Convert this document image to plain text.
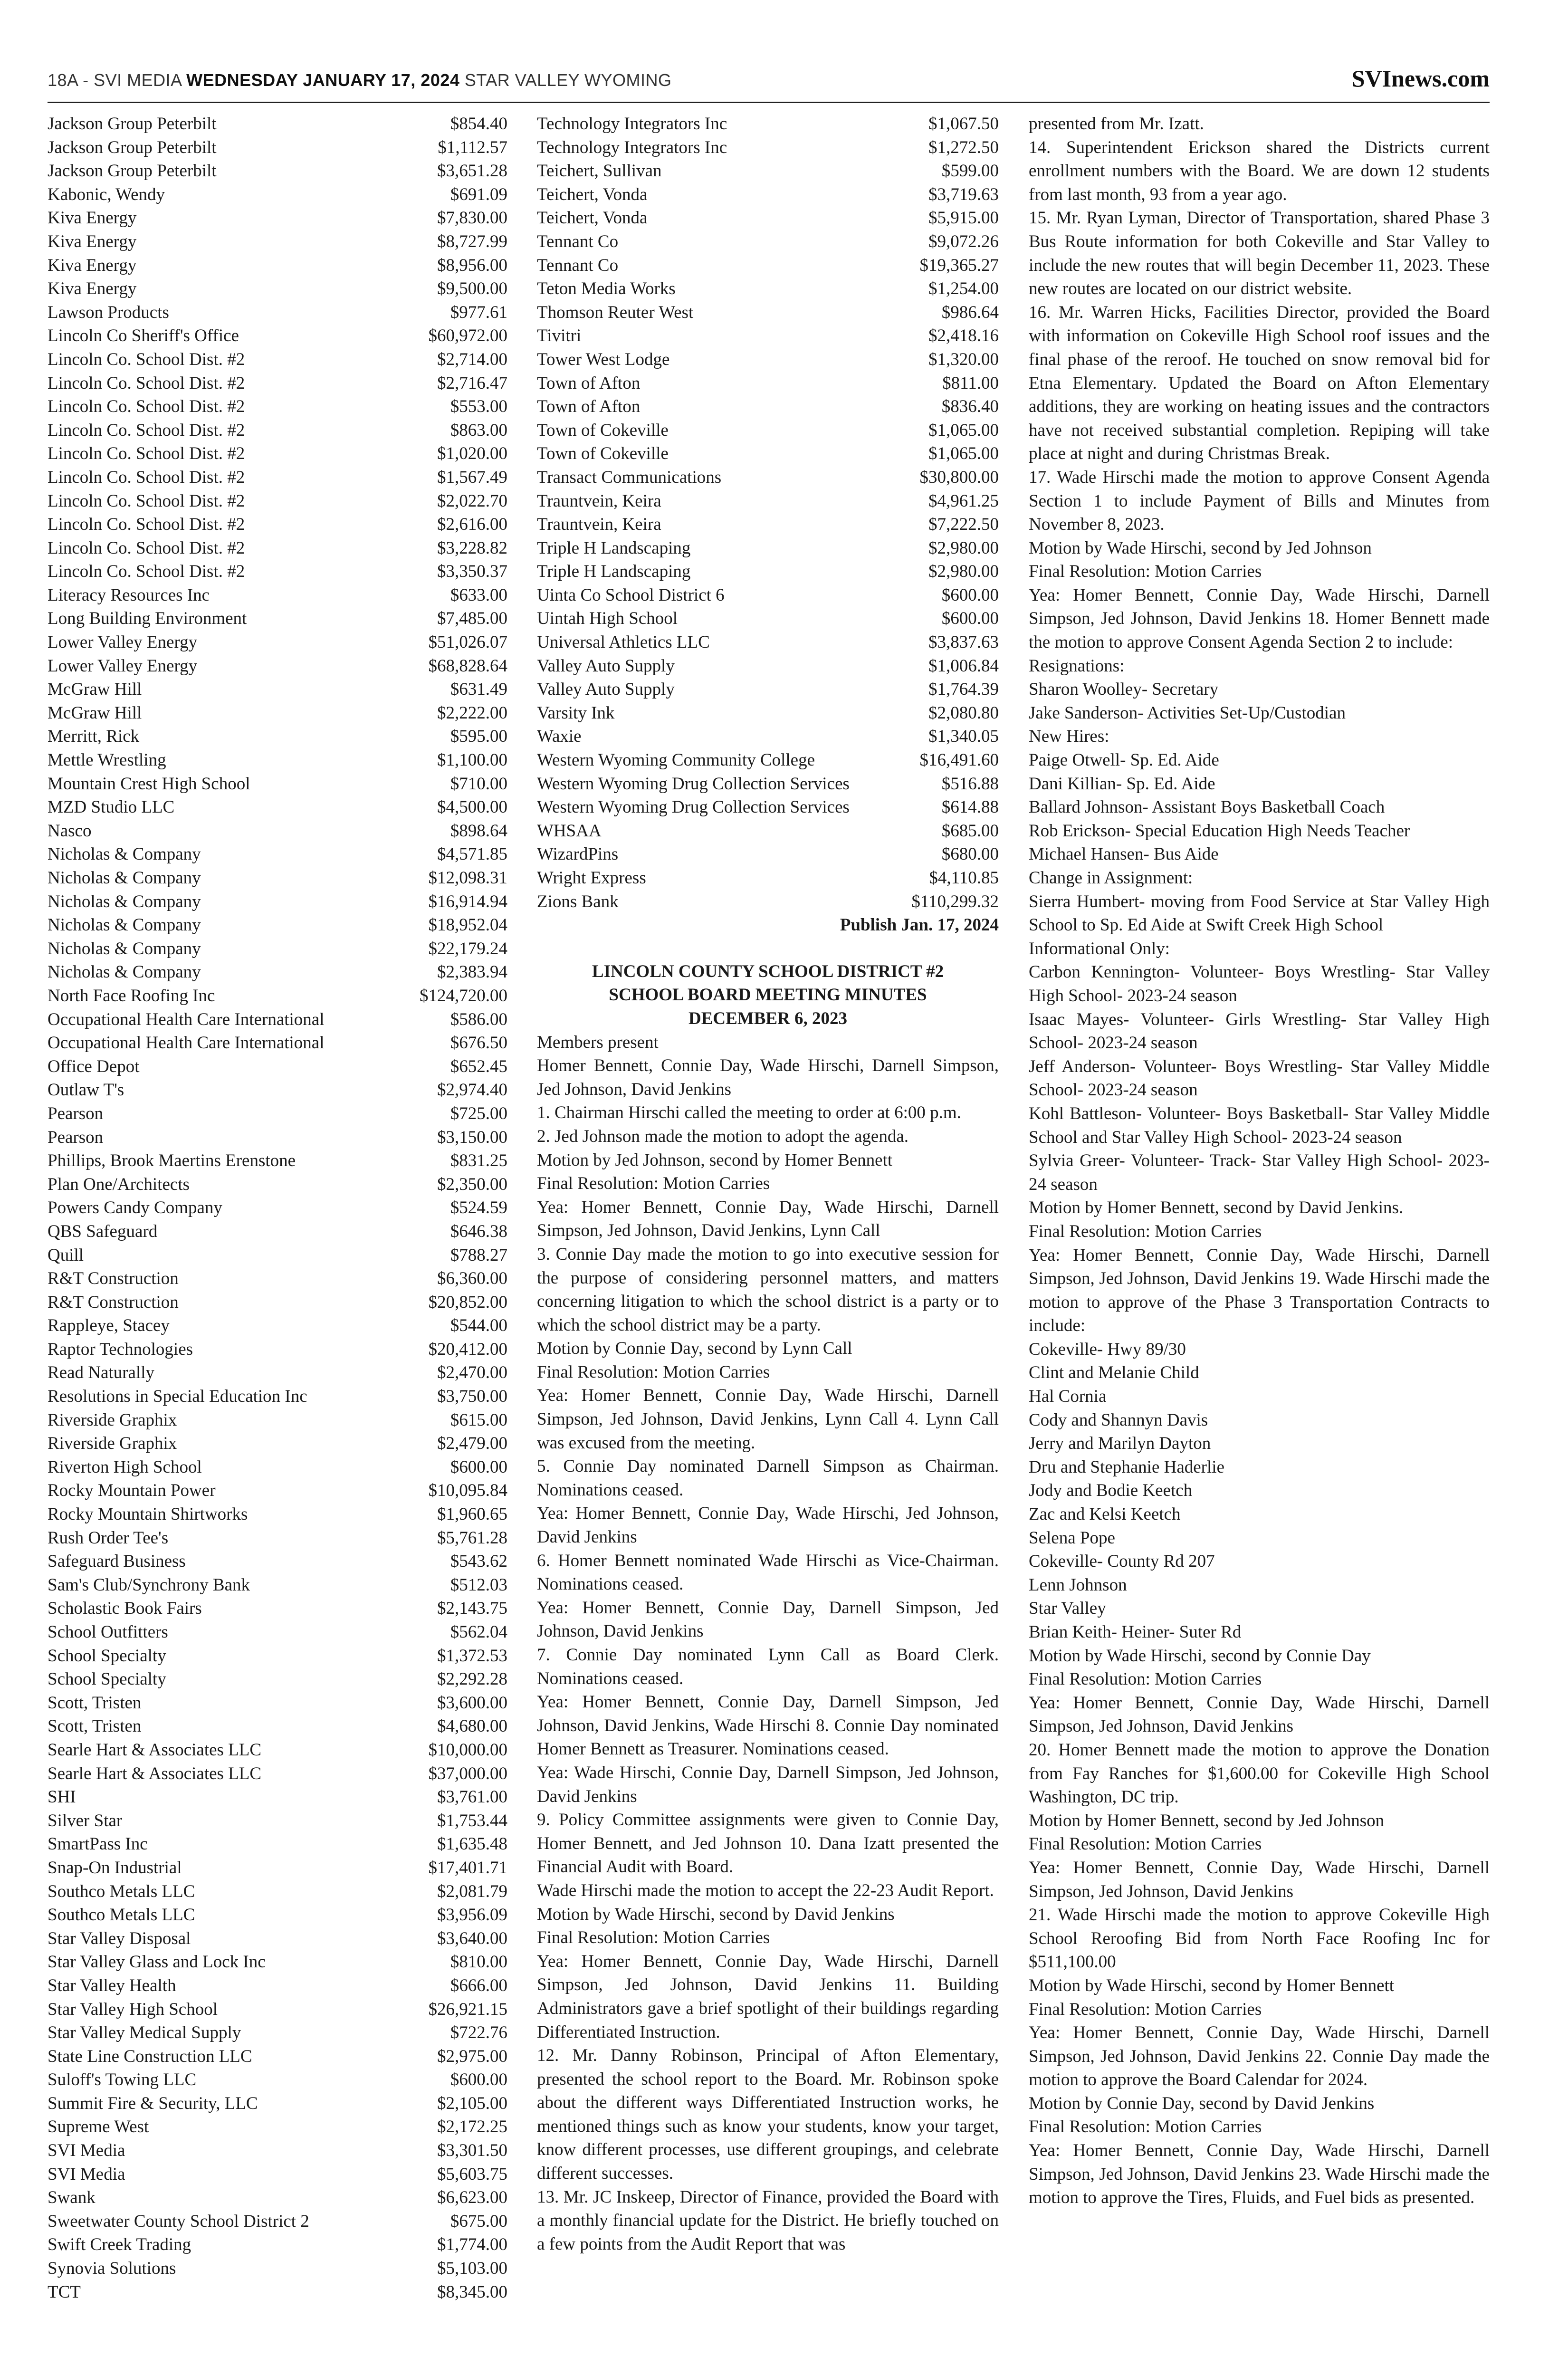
18A - SVI MEDIA WEDNESDAY JANUARY 17, 2024 STAR VALLEY WYOMING	SVInews.com
Jackson Group Peterbilt	$854.40
Jackson Group Peterbilt	$1,112.57
Jackson Group Peterbilt	$3,651.28
Kabonic, Wendy	$691.09
Kiva Energy	$7,830.00
Kiva Energy	$8,727.99
Kiva Energy	$8,956.00
Kiva Energy	$9,500.00
Lawson Products	$977.61
Lincoln Co Sheriff's Office	$60,972.00
Lincoln Co. School Dist. #2	$2,714.00
Lincoln Co. School Dist. #2	$2,716.47
Lincoln Co. School Dist. #2	$553.00
Lincoln Co. School Dist. #2	$863.00
Lincoln Co. School Dist. #2	$1,020.00
Lincoln Co. School Dist. #2	$1,567.49
Lincoln Co. School Dist. #2	$2,022.70
Lincoln Co. School Dist. #2	$2,616.00
Lincoln Co. School Dist. #2	$3,228.82
Lincoln Co. School Dist. #2	$3,350.37
Literacy Resources Inc	$633.00
Long Building Environment	$7,485.00
Lower Valley Energy	$51,026.07
Lower Valley Energy	$68,828.64
McGraw Hill	$631.49
McGraw Hill	$2,222.00
Merritt, Rick	$595.00
Mettle Wrestling	$1,100.00
Mountain Crest High School	$710.00
MZD Studio LLC	$4,500.00
Nasco	$898.64
Nicholas & Company	$4,571.85
Nicholas & Company	$12,098.31
Nicholas & Company	$16,914.94
Nicholas & Company	$18,952.04
Nicholas & Company	$22,179.24
Nicholas & Company	$2,383.94
North Face Roofing Inc	$124,720.00
Occupational Health Care International	$586.00
Occupational Health Care International	$676.50
Office Depot	$652.45
Outlaw T's	$2,974.40
Pearson	$725.00
Pearson	$3,150.00
Phillips, Brook Maertins Erenstone	$831.25
Plan One/Architects	$2,350.00
Powers Candy Company	$524.59
QBS Safeguard	$646.38
Quill	$788.27
R&T Construction	$6,360.00
R&T Construction	$20,852.00
Rappleye, Stacey	$544.00
Raptor Technologies	$20,412.00
Read Naturally	$2,470.00
Resolutions in Special Education Inc	$3,750.00
Riverside Graphix	$615.00
Riverside Graphix	$2,479.00
Riverton High School	$600.00
Rocky Mountain Power	$10,095.84
Rocky Mountain Shirtworks	$1,960.65
Rush Order Tee's	$5,761.28
Safeguard Business	$543.62
Sam's Club/Synchrony Bank	$512.03
Scholastic Book Fairs	$2,143.75
School Outfitters	$562.04
School Specialty	$1,372.53
School Specialty	$2,292.28
Scott, Tristen	$3,600.00
Scott, Tristen	$4,680.00
Searle Hart & Associates LLC	$10,000.00
Searle Hart & Associates LLC	$37,000.00
SHI	$3,761.00
Silver Star	$1,753.44
SmartPass Inc	$1,635.48
Snap-On Industrial	$17,401.71
Southco Metals LLC	$2,081.79
Southco Metals LLC	$3,956.09
Star Valley Disposal	$3,640.00
Star Valley Glass and Lock Inc	$810.00
Star Valley Health	$666.00
Star Valley High School	$26,921.15
Star Valley Medical Supply	$722.76
State Line Construction LLC	$2,975.00
Suloff's Towing LLC	$600.00
Summit Fire & Security, LLC	$2,105.00
Supreme West	$2,172.25
SVI Media	$3,301.50
SVI Media	$5,603.75
Swank	$6,623.00
Sweetwater County School District 2	$675.00
Swift Creek Trading	$1,774.00
Synovia Solutions	$5,103.00
TCT	$8,345.00
Technology Integrators Inc	$1,067.50
Technology Integrators Inc	$1,272.50
Teichert, Sullivan	$599.00
Teichert, Vonda	$3,719.63
Teichert, Vonda	$5,915.00
Tennant Co	$9,072.26
Tennant Co	$19,365.27
Teton Media Works	$1,254.00
Thomson Reuter West	$986.64
Tivitri	$2,418.16
Tower West Lodge	$1,320.00
Town of Afton	$811.00
Town of Afton	$836.40
Town of Cokeville	$1,065.00
Town of Cokeville	$1,065.00
Transact Communications	$30,800.00
Trauntvein, Keira	$4,961.25
Trauntvein, Keira	$7,222.50
Triple H Landscaping	$2,980.00
Triple H Landscaping	$2,980.00
Uinta Co School District 6	$600.00
Uintah High School	$600.00
Universal Athletics LLC	$3,837.63
Valley Auto Supply	$1,006.84
Valley Auto Supply	$1,764.39
Varsity Ink	$2,080.80
Waxie	$1,340.05
Western Wyoming Community College	$16,491.60
Western Wyoming Drug Collection Services	$516.88
Western Wyoming Drug Collection Services	$614.88
WHSAA	$685.00
WizardPins	$680.00
Wright Express	$4,110.85
Zions Bank	$110,299.32
Publish Jan. 17, 2024
LINCOLN COUNTY SCHOOL DISTRICT #2
SCHOOL BOARD MEETING MINUTES
DECEMBER 6, 2023

Members present

Homer Bennett, Connie Day, Wade Hirschi, Darnell Simpson, Jed Johnson, David Jenkins

1. Chairman Hirschi called the meeting to order at 6:00 p.m.

2. Jed Johnson made the motion to adopt the agenda.

Motion by Jed Johnson, second by Homer Bennett

Final Resolution: Motion Carries

Yea: Homer Bennett, Connie Day, Wade Hirschi, Darnell Simpson, Jed Johnson, David Jenkins, Lynn Call

3. Connie Day made the motion to go into executive session for the purpose of considering personnel matters, and matters concerning litigation to which the school district is a party or to which the school district may be a party.

Motion by Connie Day, second by Lynn Call

Final Resolution: Motion Carries

Yea: Homer Bennett, Connie Day, Wade Hirschi, Darnell Simpson, Jed Johnson, David Jenkins, Lynn Call 4. Lynn Call was excused from the meeting.

5. Connie Day nominated Darnell Simpson as Chairman. Nominations ceased.

Yea: Homer Bennett, Connie Day, Wade Hirschi, Jed Johnson, David Jenkins

6. Homer Bennett nominated Wade Hirschi as Vice-Chairman. Nominations ceased.

Yea: Homer Bennett, Connie Day, Darnell Simpson, Jed Johnson, David Jenkins

7. Connie Day nominated Lynn Call as Board Clerk. Nominations ceased.

Yea: Homer Bennett, Connie Day, Darnell Simpson, Jed Johnson, David Jenkins, Wade Hirschi 8. Connie Day nominated Homer Bennett as Treasurer. Nominations ceased.

Yea: Wade Hirschi, Connie Day, Darnell Simpson, Jed Johnson, David Jenkins

9. Policy Committee assignments were given to Connie Day, Homer Bennett, and Jed Johnson 10. Dana Izatt presented the Financial Audit with Board.

Wade Hirschi made the motion to accept the 22-23 Audit Report.

Motion by Wade Hirschi, second by David Jenkins

Final Resolution: Motion Carries

Yea: Homer Bennett, Connie Day, Wade Hirschi, Darnell Simpson, Jed Johnson, David Jenkins 11. Building Administrators gave a brief spotlight of their buildings regarding Differentiated Instruction.

12. Mr. Danny Robinson, Principal of Afton Elementary, presented the school report to the Board. Mr. Robinson spoke about the different ways Differentiated Instruction works, he mentioned things such as know your students, know your target, know different processes, use different groupings, and celebrate different successes.

13. Mr. JC Inskeep, Director of Finance, provided the Board with a monthly financial update for the District. He briefly touched on a few points from the Audit Report that was

presented from Mr. Izatt.

14. Superintendent Erickson shared the Districts current enrollment numbers with the Board. We are down 12 students from last month, 93 from a year ago.

15. Mr. Ryan Lyman, Director of Transportation, shared Phase 3 Bus Route information for both Cokeville and Star Valley to include the new routes that will begin December 11, 2023. These new routes are located on our district website.

16. Mr. Warren Hicks, Facilities Director, provided the Board with information on Cokeville High School roof issues and the final phase of the reroof. He touched on snow removal bid for Etna Elementary. Updated the Board on Afton Elementary additions, they are working on heating issues and the contractors have not received substantial completion. Repiping will take place at night and during Christmas Break.

17. Wade Hirschi made the motion to approve Consent Agenda Section 1 to include Payment of Bills and Minutes from November 8, 2023.

Motion by Wade Hirschi, second by Jed Johnson

Final Resolution: Motion Carries

Yea: Homer Bennett, Connie Day, Wade Hirschi, Darnell Simpson, Jed Johnson, David Jenkins 18. Homer Bennett made the motion to approve Consent Agenda Section 2 to include:

Resignations:

Sharon Woolley- Secretary

Jake Sanderson- Activities Set-Up/Custodian

New Hires:

Paige Otwell- Sp. Ed. Aide

Dani Killian- Sp. Ed. Aide

Ballard Johnson- Assistant Boys Basketball Coach

Rob Erickson- Special Education High Needs Teacher

Michael Hansen- Bus Aide

Change in Assignment:

Sierra Humbert- moving from Food Service at Star Valley High School to Sp. Ed Aide at Swift Creek High School

Informational Only:

Carbon Kennington- Volunteer- Boys Wrestling- Star Valley High School- 2023-24 season

Isaac Mayes- Volunteer- Girls Wrestling- Star Valley High School- 2023-24 season

Jeff Anderson- Volunteer- Boys Wrestling- Star Valley Middle School- 2023-24 season

Kohl Battleson- Volunteer- Boys Basketball- Star Valley Middle School and Star Valley High School- 2023-24 season

Sylvia Greer- Volunteer- Track- Star Valley High School- 2023-24 season

Motion by Homer Bennett, second by David Jenkins.

Final Resolution: Motion Carries

Yea: Homer Bennett, Connie Day, Wade Hirschi, Darnell Simpson, Jed Johnson, David Jenkins 19. Wade Hirschi made the motion to approve of the Phase 3 Transportation Contracts to include:

Cokeville- Hwy 89/30

Clint and Melanie Child

Hal Cornia

Cody and Shannyn Davis

Jerry and Marilyn Dayton

Dru and Stephanie Haderlie

Jody and Bodie Keetch

Zac and Kelsi Keetch

Selena Pope

Cokeville- County Rd 207

Lenn Johnson

Star Valley

Brian Keith- Heiner- Suter Rd

Motion by Wade Hirschi, second by Connie Day

Final Resolution: Motion Carries

Yea: Homer Bennett, Connie Day, Wade Hirschi, Darnell Simpson, Jed Johnson, David Jenkins

20. Homer Bennett made the motion to approve the Donation from Fay Ranches for $1,600.00 for Cokeville High School Washington, DC trip.

Motion by Homer Bennett, second by Jed Johnson

Final Resolution: Motion Carries

Yea: Homer Bennett, Connie Day, Wade Hirschi, Darnell Simpson, Jed Johnson, David Jenkins

21. Wade Hirschi made the motion to approve Cokeville High School Reroofing Bid from North Face Roofing Inc for $511,100.00

Motion by Wade Hirschi, second by Homer Bennett

Final Resolution: Motion Carries

Yea: Homer Bennett, Connie Day, Wade Hirschi, Darnell Simpson, Jed Johnson, David Jenkins 22. Connie Day made the motion to approve the Board Calendar for 2024.

Motion by Connie Day, second by David Jenkins

Final Resolution: Motion Carries

Yea: Homer Bennett, Connie Day, Wade Hirschi, Darnell Simpson, Jed Johnson, David Jenkins 23. Wade Hirschi made the motion to approve the Tires, Fluids, and Fuel bids as presented.
